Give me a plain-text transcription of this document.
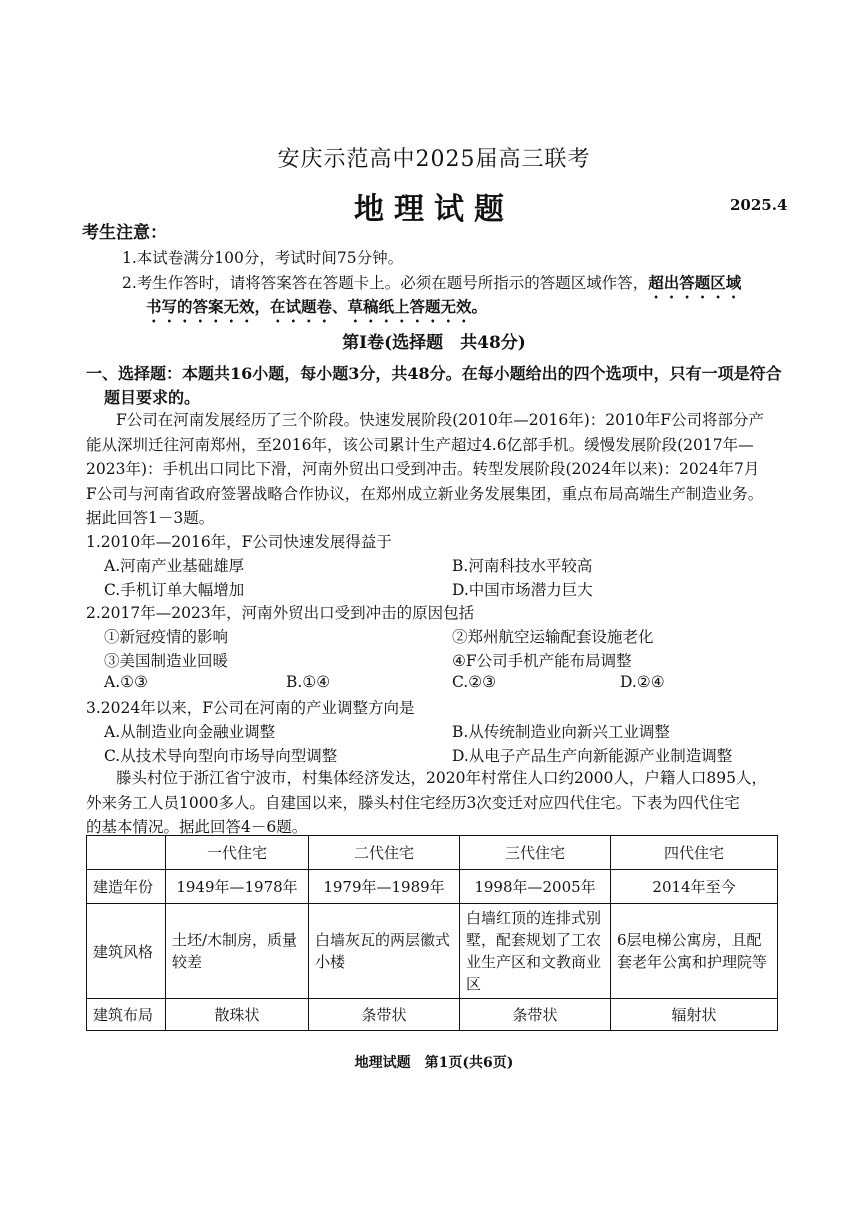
安庆示范高中2025届高三联考
地理试题	2025.4
考生注意：
1.本试卷满分100分，考试时间75分钟。
2.考生作答时，请将答案答在答题卡上。必须在题号所指示的答题区域作答，超出答题区域
书写的答案无效，在试题卷、草稿纸上答题无效。
第Ⅰ卷(选择题　共48分)
一、选择题：本题共16小题，每小题3分，共48分。在每小题给出的四个选项中，只有一项是符合
题目要求的。

F公司在河南发展经历了三个阶段。快速发展阶段(2010年—2016年)：2010年F公司将部分产

能从深圳迁往河南郑州，至2016年，该公司累计生产超过4.6亿部手机。缓慢发展阶段(2017年—

2023年)：手机出口同比下滑，河南外贸出口受到冲击。转型发展阶段(2024年以来)：2024年7月

F公司与河南省政府签署战略合作协议，在郑州成立新业务发展集团，重点布局高端生产制造业务。

据此回答1－3题。

1.2010年—2016年，F公司快速发展得益于
A.河南产业基础雄厚	B.河南科技水平较高
C.手机订单大幅增加	D.中国市场潜力巨大
2.2017年—2023年，河南外贸出口受到冲击的原因包括
①新冠疫情的影响	②郑州航空运输配套设施老化
③美国制造业回暖	④F公司手机产能布局调整
A.①③	B.①④	C.②③	D.②④
3.2024年以来，F公司在河南的产业调整方向是
A.从制造业向金融业调整	B.从传统制造业向新兴工业调整
C.从技术导向型向市场导向型调整	D.从电子产品生产向新能源产业制造调整

滕头村位于浙江省宁波市，村集体经济发达，2020年村常住人口约2000人，户籍人口895人，

外来务工人员1000多人。自建国以来，滕头村住宅经历3次变迁对应四代住宅。下表为四代住宅

的基本情况。据此回答4－6题。

	一代住宅	二代住宅	三代住宅	四代住宅
建造年份	1949年—1978年	1979年—1989年	1998年—2005年	2014年至今
建筑风格	土坯/木制房，质量较差	白墙灰瓦的两层徽式小楼	白墙红顶的连排式别墅，配套规划了工农业生产区和文教商业区	6层电梯公寓房，且配套老年公寓和护理院等
建筑布局	散珠状	条带状	条带状	辐射状
地理试题　第1页(共6页)
